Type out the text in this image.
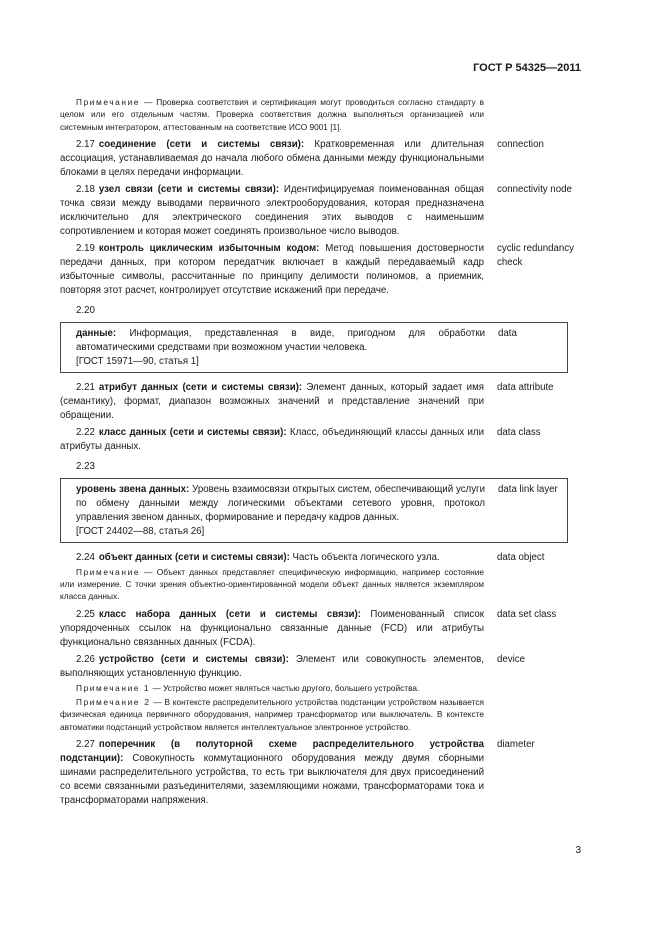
ГОСТ Р 54325—2011
Примечание — Проверка соответствия и сертификация могут проводиться согласно стандарту в целом или его отдельным частям. Проверка соответствия должна выполняться организацией или системным интегратором, аттестованным на соответствие ИСО 9001 [1].
2.17 соединение (сети и системы связи): Кратковременная или длительная ассоциация, устанавливаемая до начала любого обмена данными между функциональными блоками в целях передачи информации.
connection
2.18 узел связи (сети и системы связи): Идентифицируемая поименованная общая точка связи между выводами первичного электрооборудования, которая предназначена исключительно для электрического соединения этих выводов с наименьшим сопротивлением и которая может соединять произвольное число выводов.
connectivity node
2.19 контроль циклическим избыточным кодом: Метод повышения достоверности передачи данных, при котором передатчик включает в каждый передаваемый кадр избыточные символы, рассчитанные по принципу делимости полиномов, а приемник, повторяя этот расчет, контролирует отсутствие искажений при передаче.
cyclic redundancy check
2.20
данные: Информация, представленная в виде, пригодном для обработки автоматическими средствами при возможном участии человека.
[ГОСТ 15971—90, статья 1]
data
2.21 атрибут данных (сети и системы связи): Элемент данных, который задает имя (семантику), формат, диапазон возможных значений и представление значений при обращении.
data attribute
2.22 класс данных (сети и системы связи): Класс, объединяющий классы данных или атрибуты данных.
data class
2.23
уровень звена данных: Уровень взаимосвязи открытых систем, обеспечивающий услуги по обмену данными между логическими объектами сетевого уровня, протокол управления звеном данных, формирование и передачу кадров данных.
[ГОСТ 24402—88, статья 26]
data link layer
2.24 объект данных (сети и системы связи): Часть объекта логического узла.	data object
Примечание — Объект данных представляет специфическую информацию, например состояние или измерение. С точки зрения объектно-ориентированной модели объект данных является экземпляром класса данных.
2.25 класс набора данных (сети и системы связи): Поименованный список упорядоченных ссылок на функционально связанные данные (FCD) или атрибуты функционально связанных данных (FCDA).
data set class
2.26 устройство (сети и системы связи): Элемент или совокупность элементов, выполняющих установленную функцию.
device
Примечание 1 — Устройство может являться частью другого, большего устройства.
Примечание 2 — В контексте распределительного устройства подстанции устройством называется физическая единица первичного оборудования, например трансформатор или выключатель. В контексте автоматики подстанций устройством является интеллектуальное электронное устройство.
2.27 поперечник (в полуторной схеме распределительного устройства подстанции): Совокупность коммутационного оборудования между двумя сборными шинами распределительного устройства, то есть три выключателя для двух присоединений со всеми связанными разъединителями, заземляющими ножами, трансформаторами тока и трансформаторами напряжения.
diameter
3
